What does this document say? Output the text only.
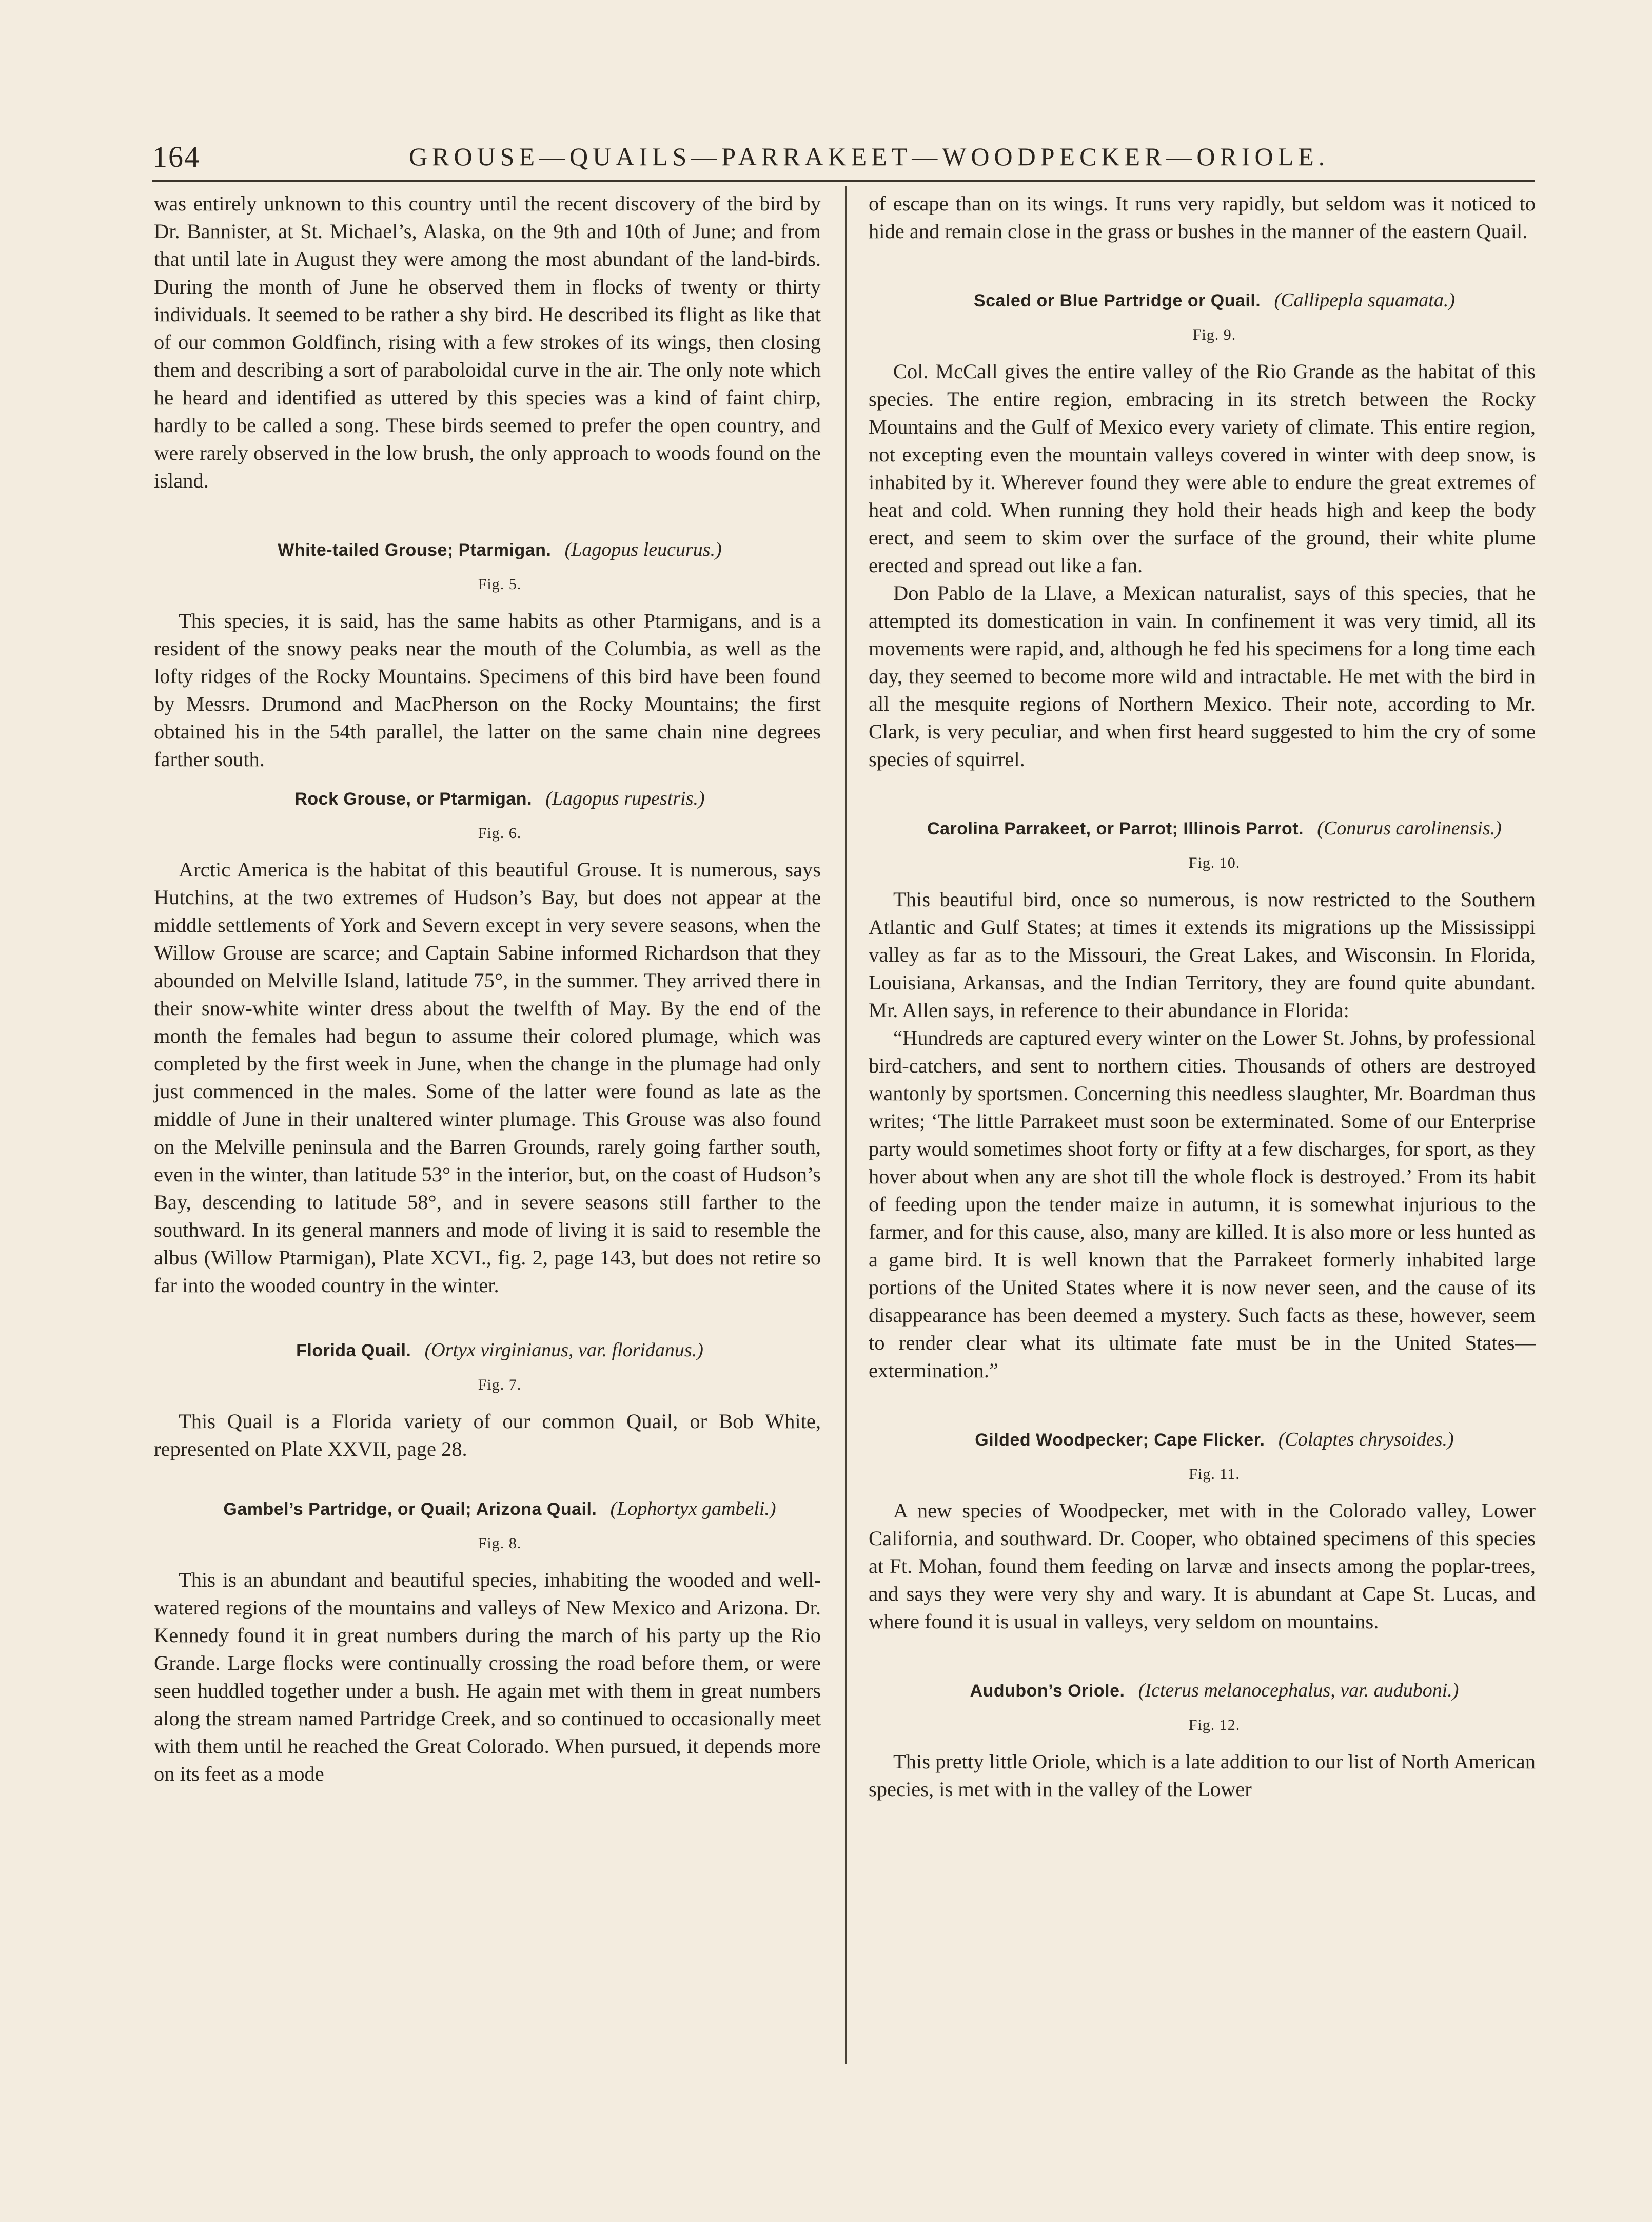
164	GROUSE—QUAILS—PARRAKEET—WOODPECKER—ORIOLE.

was entirely unknown to this country until the recent discovery of the bird by Dr. Bannister, at St. Michael’s, Alaska, on the 9th and 10th of June; and from that until late in August they were among the most abundant of the land-birds. During the month of June he observed them in flocks of twenty or thirty individuals. It seemed to be rather a shy bird. He described its flight as like that of our common Goldfinch, rising with a few strokes of its wings, then closing them and describing a sort of paraboloidal curve in the air. The only note which he heard and identified as uttered by this species was a kind of faint chirp, hardly to be called a song. These birds seemed to prefer the open country, and were rarely observed in the low brush, the only approach to woods found on the island.

White-tailed Grouse; Ptarmigan. (Lagopus leucurus.)

Fig. 5.

This species, it is said, has the same habits as other Ptarmigans, and is a resident of the snowy peaks near the mouth of the Columbia, as well as the lofty ridges of the Rocky Mountains. Specimens of this bird have been found by Messrs. Drumond and MacPherson on the Rocky Mountains; the first obtained his in the 54th parallel, the latter on the same chain nine degrees farther south.

Rock Grouse, or Ptarmigan. (Lagopus rupestris.)

Fig. 6.

Arctic America is the habitat of this beautiful Grouse. It is numerous, says Hutchins, at the two extremes of Hudson’s Bay, but does not appear at the middle settlements of York and Severn except in very severe seasons, when the Willow Grouse are scarce; and Captain Sabine informed Richardson that they abounded on Melville Island, latitude 75°, in the summer. They arrived there in their snow-white winter dress about the twelfth of May. By the end of the month the females had begun to assume their colored plumage, which was completed by the first week in June, when the change in the plumage had only just commenced in the males. Some of the latter were found as late as the middle of June in their unaltered winter plumage. This Grouse was also found on the Melville peninsula and the Barren Grounds, rarely going farther south, even in the winter, than latitude 53° in the interior, but, on the coast of Hudson’s Bay, descending to latitude 58°, and in severe seasons still farther to the southward. In its general manners and mode of living it is said to resemble the albus (Willow Ptarmigan), Plate XCVI., fig. 2, page 143, but does not retire so far into the wooded country in the winter.

Florida Quail. (Ortyx virginianus, var. floridanus.)

Fig. 7.

This Quail is a Florida variety of our common Quail, or Bob White, represented on Plate XXVII, page 28.

Gambel’s Partridge, or Quail; Arizona Quail. (Lophortyx gambeli.)

Fig. 8.

This is an abundant and beautiful species, inhabiting the wooded and well-watered regions of the mountains and valleys of New Mexico and Arizona. Dr. Kennedy found it in great numbers during the march of his party up the Rio Grande. Large flocks were continually crossing the road before them, or were seen huddled together under a bush. He again met with them in great numbers along the stream named Partridge Creek, and so continued to occasionally meet with them until he reached the Great Colorado. When pursued, it depends more on its feet as a mode

of escape than on its wings. It runs very rapidly, but seldom was it noticed to hide and remain close in the grass or bushes in the manner of the eastern Quail.

Scaled or Blue Partridge or Quail. (Callipepla squamata.)

Fig. 9.

Col. McCall gives the entire valley of the Rio Grande as the habitat of this species. The entire region, embracing in its stretch between the Rocky Mountains and the Gulf of Mexico every variety of climate. This entire region, not excepting even the mountain valleys covered in winter with deep snow, is inhabited by it. Wherever found they were able to endure the great extremes of heat and cold. When running they hold their heads high and keep the body erect, and seem to skim over the surface of the ground, their white plume erected and spread out like a fan.

Don Pablo de la Llave, a Mexican naturalist, says of this species, that he attempted its domestication in vain. In confinement it was very timid, all its movements were rapid, and, although he fed his specimens for a long time each day, they seemed to become more wild and intractable. He met with the bird in all the mesquite regions of Northern Mexico. Their note, according to Mr. Clark, is very peculiar, and when first heard suggested to him the cry of some species of squirrel.

Carolina Parrakeet, or Parrot; Illinois Parrot. (Conurus carolinensis.)

Fig. 10.

This beautiful bird, once so numerous, is now restricted to the Southern Atlantic and Gulf States; at times it extends its migrations up the Mississippi valley as far as to the Missouri, the Great Lakes, and Wisconsin. In Florida, Louisiana, Arkansas, and the Indian Territory, they are found quite abundant. Mr. Allen says, in reference to their abundance in Florida:

“Hundreds are captured every winter on the Lower St. Johns, by professional bird-catchers, and sent to northern cities. Thousands of others are destroyed wantonly by sportsmen. Concerning this needless slaughter, Mr. Boardman thus writes; ‘The little Parrakeet must soon be exterminated. Some of our Enterprise party would sometimes shoot forty or fifty at a few discharges, for sport, as they hover about when any are shot till the whole flock is destroyed.’ From its habit of feeding upon the tender maize in autumn, it is somewhat injurious to the farmer, and for this cause, also, many are killed. It is also more or less hunted as a game bird. It is well known that the Parrakeet formerly inhabited large portions of the United States where it is now never seen, and the cause of its disappearance has been deemed a mystery. Such facts as these, however, seem to render clear what its ultimate fate must be in the United States—extermination.”

Gilded Woodpecker; Cape Flicker. (Colaptes chrysoides.)

Fig. 11.

A new species of Woodpecker, met with in the Colorado valley, Lower California, and southward. Dr. Cooper, who obtained specimens of this species at Ft. Mohan, found them feeding on larvæ and insects among the poplar-trees, and says they were very shy and wary. It is abundant at Cape St. Lucas, and where found it is usual in valleys, very seldom on mountains.

Audubon’s Oriole. (Icterus melanocephalus, var. auduboni.)

Fig. 12.

This pretty little Oriole, which is a late addition to our list of North American species, is met with in the valley of the Lower
